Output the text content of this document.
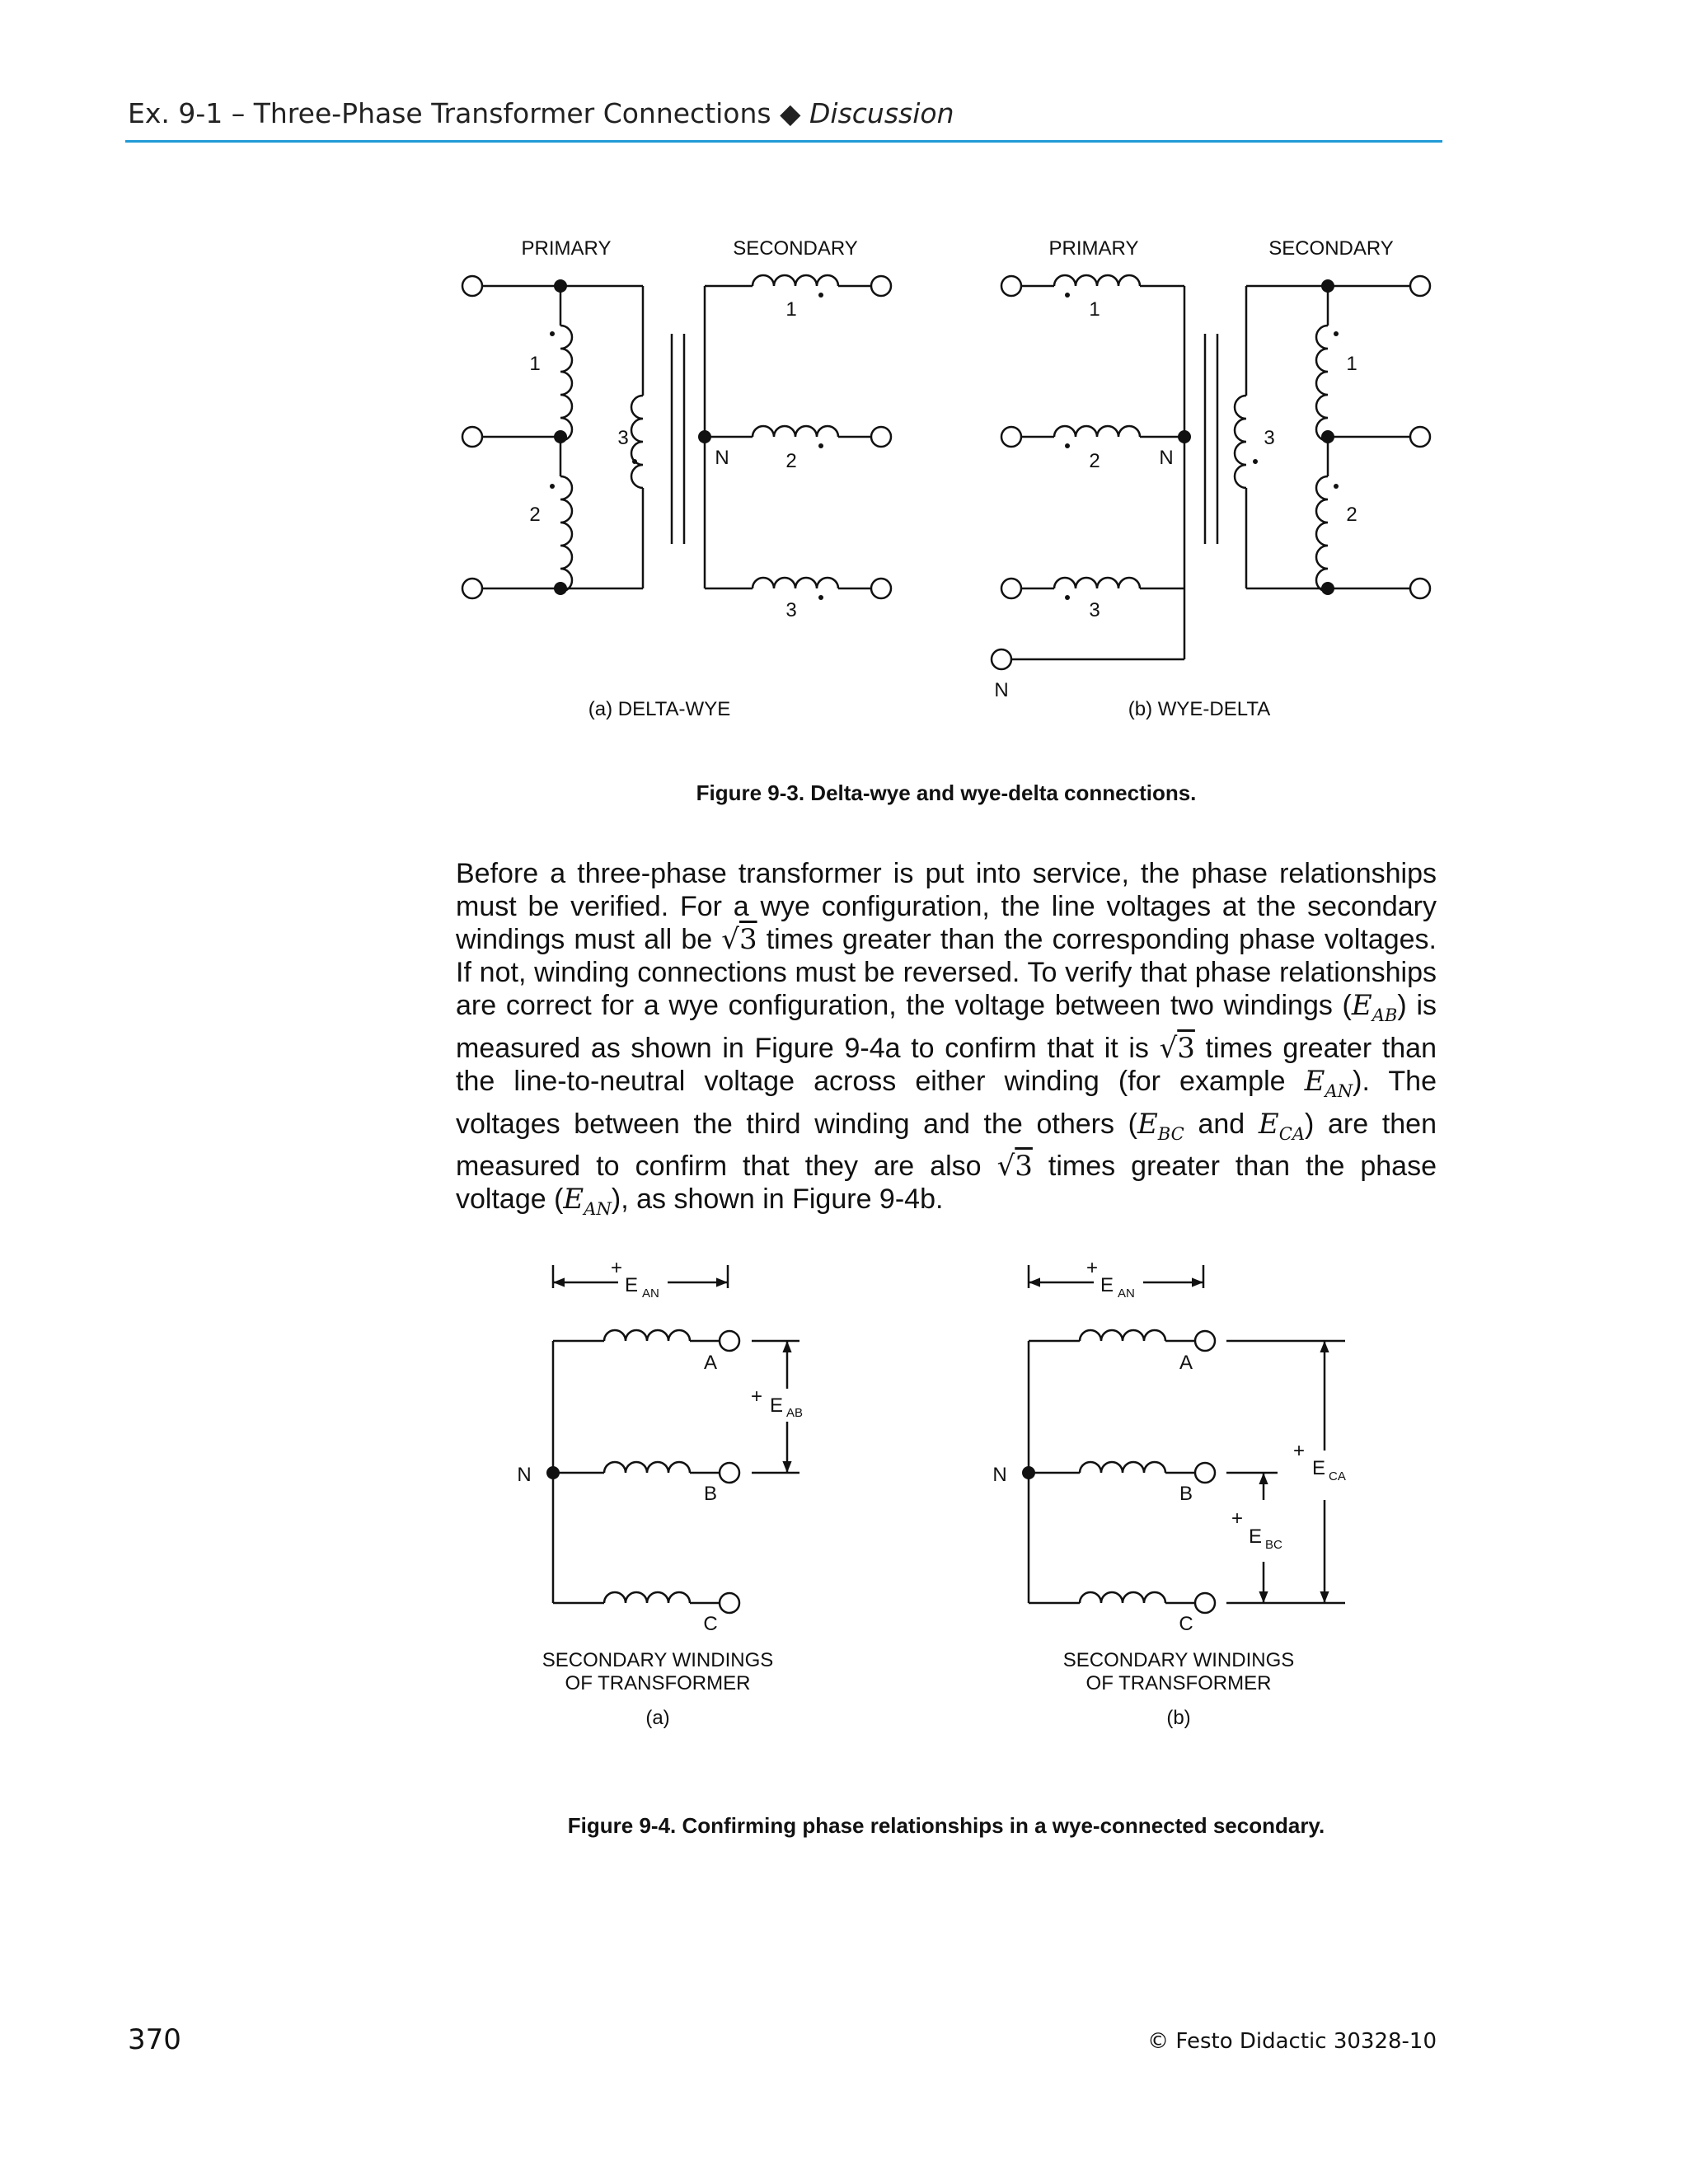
Ex. 9-1 – Three-Phase Transformer Connections ◆ Discussion
PRIMARY	SECONDARY	PRIMARY	SECONDARY
1
2
3
1
2
3
N
(a) DELTA-WYE
1
2
3
N
N
3
1
2
(b) WYE-DELTA
+
E AN
+ E AB
A
B
C
N
SECONDARY WINDINGS
OF TRANSFORMER
(a)
+
E AN
A
B
C
N
+
E CA
+
E BC
SECONDARY WINDINGS
OF TRANSFORMER
(b)
Figure 9-3. Delta-wye and wye-delta connections.

Before a three-phase transformer is put into service, the phase relationships must be verified. For a wye configuration, the line voltages at the secondary windings must all be √3 times greater than the corresponding phase voltages. If not, winding connections must be reversed. To verify that phase relationships are correct for a wye configuration, the voltage between two windings $(E_{AB})$ is measured as shown in Figure 9-4a to confirm that it is √3 times greater than the line-to-neutral voltage across either winding (for example $E_{AN}$). The voltages between the third winding and the others ($E_{BC}$ and $E_{CA}$) are then measured to confirm that they are also √3 times greater than the phase voltage $(E_{AN})$, as shown in Figure 9-4b.

Figure 9-4. Confirming phase relationships in a wye-connected secondary.
370	© Festo Didactic 30328-10
